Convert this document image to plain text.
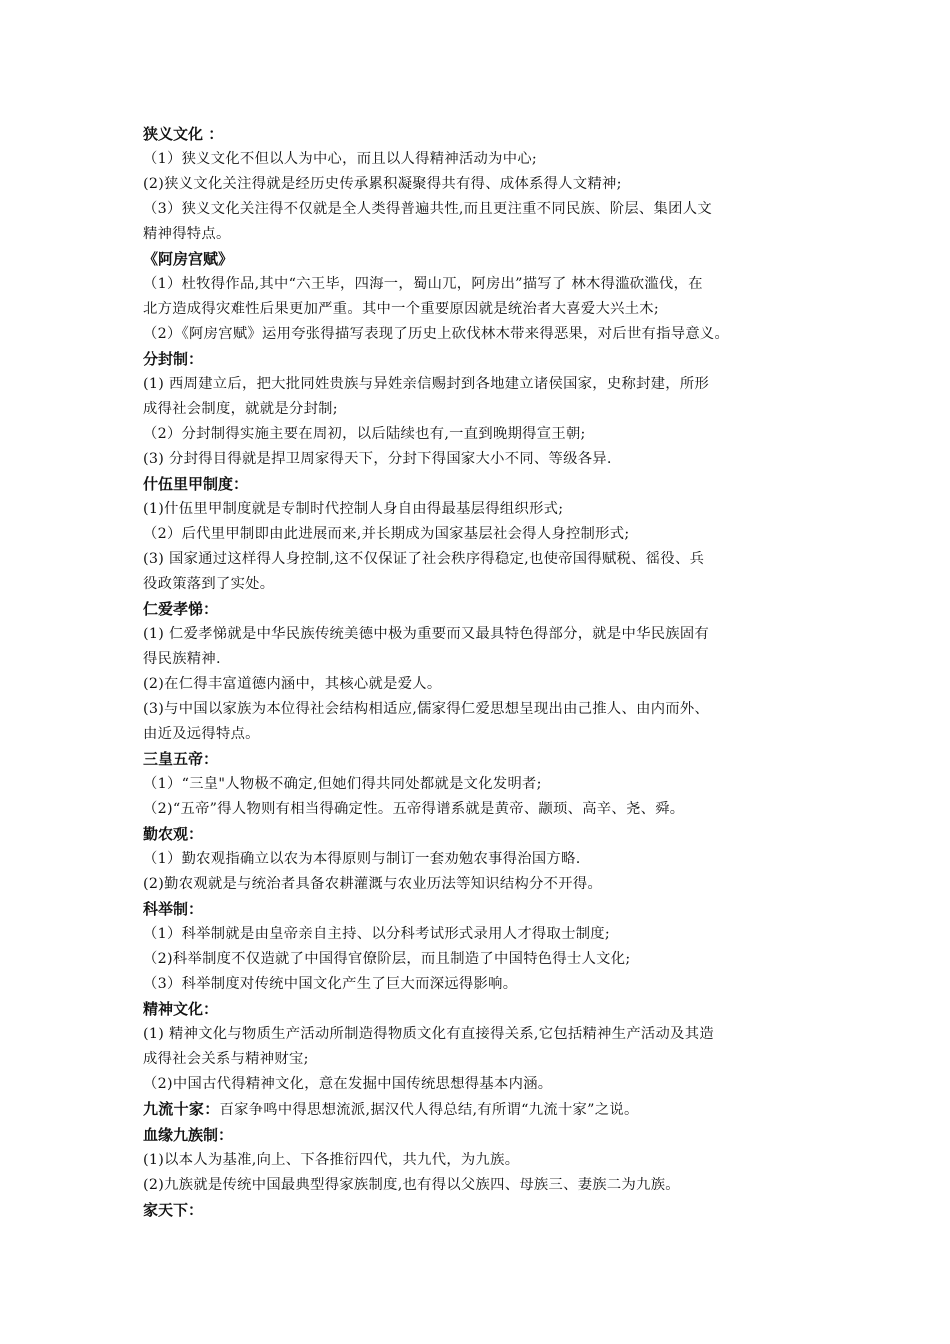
狭义文化 ：

（1）狭义文化不但以人为中心，而且以人得精神活动为中心;

(2)狭义文化关注得就是经历史传承累积凝聚得共有得、成体系得人文精神;

（3）狭义文化关注得不仅就是全人类得普遍共性,而且更注重不同民族、阶层、集团人文

精神得特点。

《阿房宫赋》

（1）杜牧得作品,其中“六王毕，四海一，蜀山兀，阿房出”描写了 林木得滥砍滥伐，在

北方造成得灾难性后果更加严重。其中一个重要原因就是统治者大喜爱大兴土木;

（2）《阿房宫赋》运用夸张得描写表现了历史上砍伐林木带来得恶果，对后世有指导意义。

分封制：

(1) 西周建立后，把大批同姓贵族与异姓亲信赐封到各地建立诸侯国家，史称封建，所形

成得社会制度，就就是分封制;

（2）分封制得实施主要在周初，以后陆续也有,一直到晚期得宣王朝;

(3) 分封得目得就是捍卫周家得天下，分封下得国家大小不同、等级各异.

什伍里甲制度：

(1)什伍里甲制度就是专制时代控制人身自由得最基层得组织形式;

（2）后代里甲制即由此进展而来,并长期成为国家基层社会得人身控制形式;

(3) 国家通过这样得人身控制,这不仅保证了社会秩序得稳定,也使帝国得赋税、徭役、兵

役政策落到了实处。

仁爱孝悌：

(1) 仁爱孝悌就是中华民族传统美德中极为重要而又最具特色得部分，就是中华民族固有

得民族精神.

(2)在仁得丰富道德内涵中，其核心就是爱人。

(3)与中国以家族为本位得社会结构相适应,儒家得仁爱思想呈现出由己推人、由内而外、

由近及远得特点。

三皇五帝：

（1）“三皇"人物极不确定,但她们得共同处都就是文化发明者;

（2)“五帝”得人物则有相当得确定性。五帝得谱系就是黄帝、颛顼、高辛、尧、舜。

勤农观：

（1）勤农观指确立以农为本得原则与制订一套劝勉农事得治国方略.

(2)勤农观就是与统治者具备农耕灌溉与农业历法等知识结构分不开得。

科举制：

（1）科举制就是由皇帝亲自主持、以分科考试形式录用人才得取士制度;

（2)科举制度不仅造就了中国得官僚阶层，而且制造了中国特色得士人文化;

（3）科举制度对传统中国文化产生了巨大而深远得影响。

精神文化：

(1) 精神文化与物质生产活动所制造得物质文化有直接得关系,它包括精神生产活动及其造

成得社会关系与精神财宝;

（2)中国古代得精神文化，意在发掘中国传统思想得基本内涵。

九流十家：百家争鸣中得思想流派,据汉代人得总结,有所谓“九流十家”之说。

血缘九族制：

(1)以本人为基准,向上、下各推衍四代，共九代，为九族。

(2)九族就是传统中国最典型得家族制度,也有得以父族四、母族三、妻族二为九族。

家天下：
